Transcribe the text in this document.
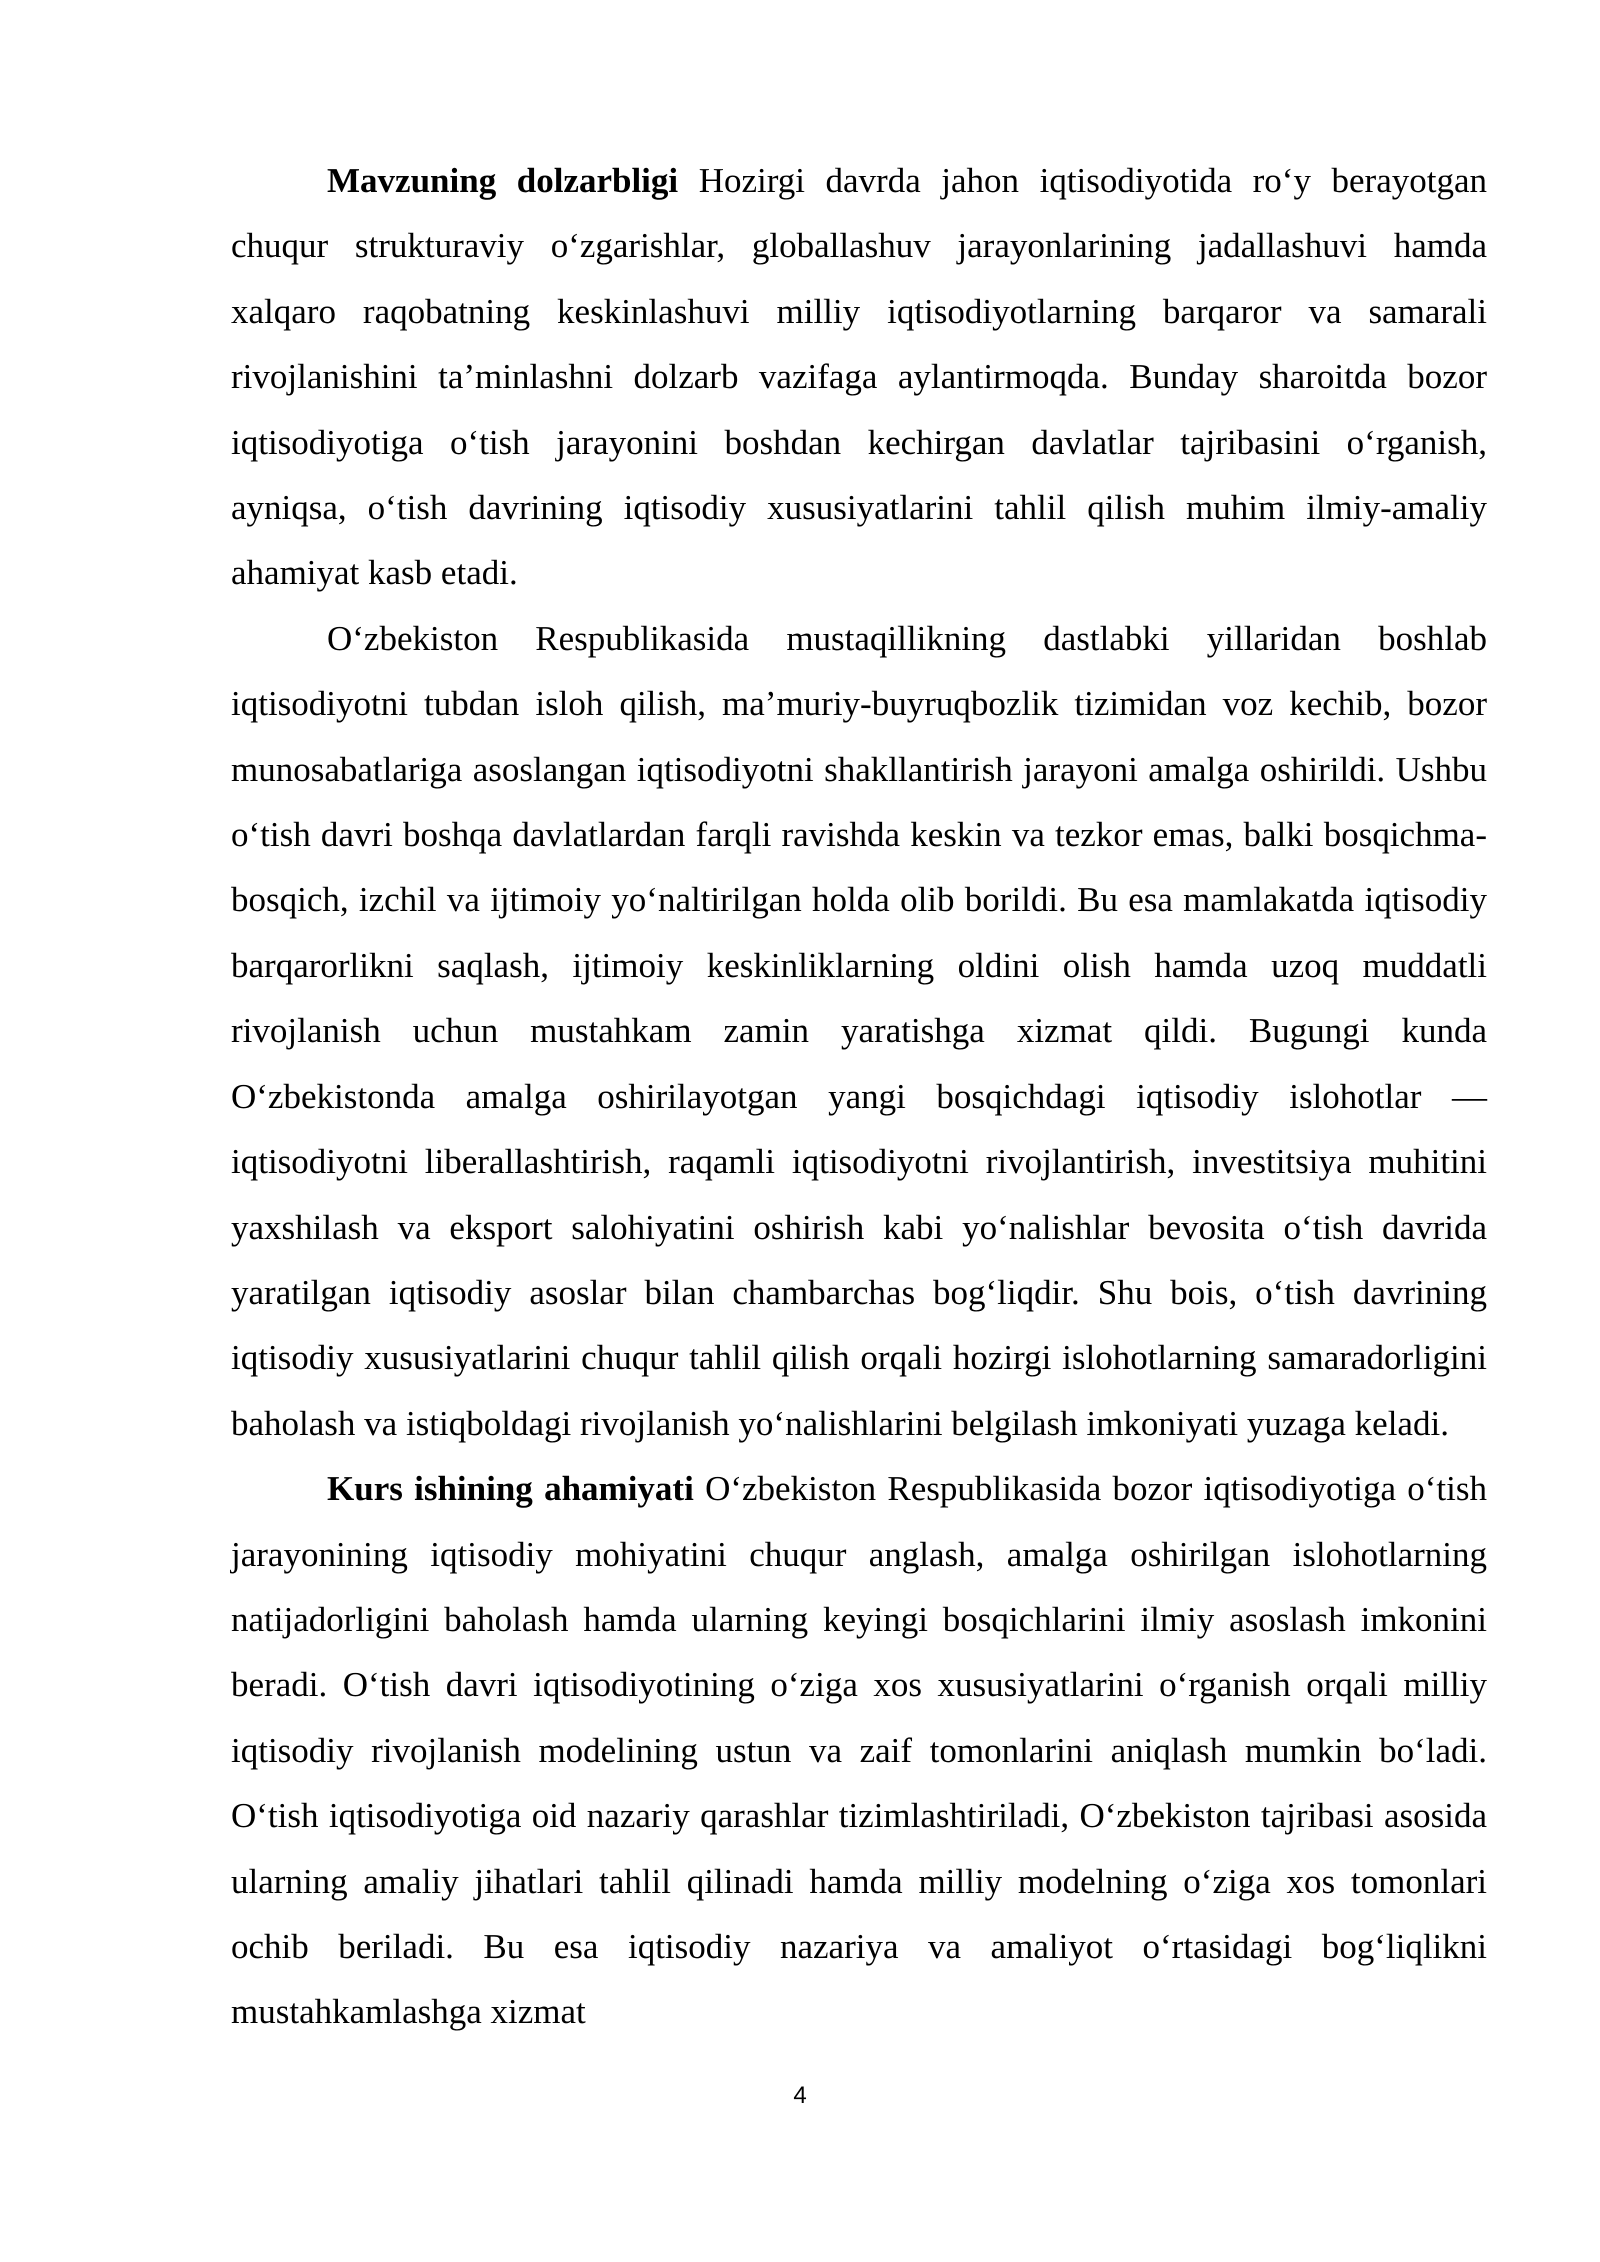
Mavzuning dolzarbligi Hozirgi davrda jahon iqtisodiyotida ro‘y berayotgan chuqur strukturaviy o‘zgarishlar, globallashuv jarayonlarining jadallashuvi hamda xalqaro raqobatning keskinlashuvi milliy iqtisodiyotlarning barqaror va samarali rivojlanishini ta’minlashni dolzarb vazifaga aylantirmoqda. Bunday sharoitda bozor iqtisodiyotiga o‘tish jarayonini boshdan kechirgan davlatlar tajribasini o‘rganish, ayniqsa, o‘tish davrining iqtisodiy xususiyatlarini tahlil qilish muhim ilmiy-amaliy ahamiyat kasb etadi.

O‘zbekiston Respublikasida mustaqillikning dastlabki yillaridan boshlab iqtisodiyotni tubdan isloh qilish, ma’muriy-buyruqbozlik tizimidan voz kechib, bozor munosabatlariga asoslangan iqtisodiyotni shakllantirish jarayoni amalga oshirildi. Ushbu o‘tish davri boshqa davlatlardan farqli ravishda keskin va tezkor emas, balki bosqichma-bosqich, izchil va ijtimoiy yo‘naltirilgan holda olib borildi. Bu esa mamlakatda iqtisodiy barqarorlikni saqlash, ijtimoiy keskinliklarning oldini olish hamda uzoq muddatli rivojlanish uchun mustahkam zamin yaratishga xizmat qildi. Bugungi kunda O‘zbekistonda amalga oshirilayotgan yangi bosqichdagi iqtisodiy islohotlar — iqtisodiyotni liberallashtirish, raqamli iqtisodiyotni rivojlantirish, investitsiya muhitini yaxshilash va eksport salohiyatini oshirish kabi yo‘nalishlar bevosita o‘tish davrida yaratilgan iqtisodiy asoslar bilan chambarchas bog‘liqdir. Shu bois, o‘tish davrining iqtisodiy xususiyatlarini chuqur tahlil qilish orqali hozirgi islohotlarning samaradorligini baholash va istiqboldagi rivojlanish yo‘nalishlarini belgilash imkoniyati yuzaga keladi.

Kurs ishining ahamiyati O‘zbekiston Respublikasida bozor iqtisodiyotiga o‘tish jarayonining iqtisodiy mohiyatini chuqur anglash, amalga oshirilgan islohotlarning natijadorligini baholash hamda ularning keyingi bosqichlarini ilmiy asoslash imkonini beradi. O‘tish davri iqtisodiyotining o‘ziga xos xususiyatlarini o‘rganish orqali milliy iqtisodiy rivojlanish modelining ustun va zaif tomonlarini aniqlash mumkin bo‘ladi. O‘tish iqtisodiyotiga oid nazariy qarashlar tizimlashtiriladi, O‘zbekiston tajribasi asosida ularning amaliy jihatlari tahlil qilinadi hamda milliy modelning o‘ziga xos tomonlari ochib beriladi. Bu esa iqtisodiy nazariya va amaliyot o‘rtasidagi bog‘liqlikni mustahkamlashga xizmat

4
